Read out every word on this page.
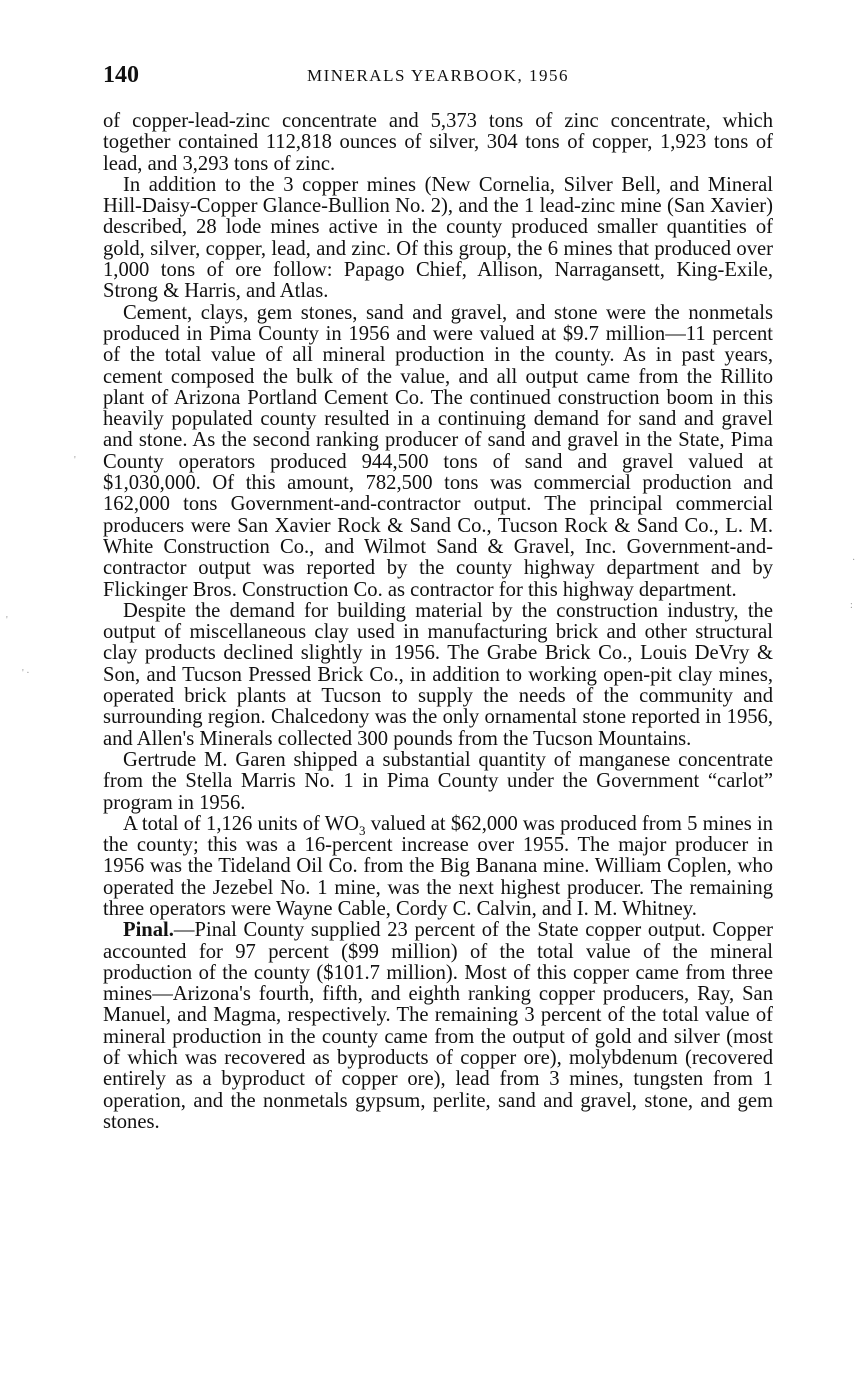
140	MINERALS YEARBOOK, 1956

of copper-lead-zinc concentrate and 5,373 tons of zinc concentrate, which together contained 112,818 ounces of silver, 304 tons of copper, 1,923 tons of lead, and 3,293 tons of zinc.

In addition to the 3 copper mines (New Cornelia, Silver Bell, and Mineral Hill-Daisy-Copper Glance-Bullion No. 2), and the 1 lead-zinc mine (San Xavier) described, 28 lode mines active in the county produced smaller quantities of gold, silver, copper, lead, and zinc. Of this group, the 6 mines that produced over 1,000 tons of ore follow: Papago Chief, Allison, Narragansett, King-Exile, Strong & Harris, and Atlas.

Cement, clays, gem stones, sand and gravel, and stone were the nonmetals produced in Pima County in 1956 and were valued at $9.7 million—11 percent of the total value of all mineral production in the county. As in past years, cement composed the bulk of the value, and all output came from the Rillito plant of Arizona Portland Cement Co. The continued construction boom in this heavily populated county resulted in a continuing demand for sand and gravel and stone. As the second ranking producer of sand and gravel in the State, Pima County operators produced 944,500 tons of sand and gravel valued at $1,030,000. Of this amount, 782,500 tons was commercial production and 162,000 tons Government-and-contractor output. The principal commercial producers were San Xavier Rock & Sand Co., Tucson Rock & Sand Co., L. M. White Construction Co., and Wilmot Sand & Gravel, Inc. Government-and-contractor output was reported by the county highway department and by Flickinger Bros. Construction Co. as contractor for this highway department.

Despite the demand for building material by the construction industry, the output of miscellaneous clay used in manufacturing brick and other structural clay products declined slightly in 1956. The Grabe Brick Co., Louis DeVry & Son, and Tucson Pressed Brick Co., in addition to working open-pit clay mines, operated brick plants at Tucson to supply the needs of the community and surrounding region. Chalcedony was the only ornamental stone reported in 1956, and Allen's Minerals collected 300 pounds from the Tucson Mountains.

Gertrude M. Garen shipped a substantial quantity of manganese concentrate from the Stella Marris No. 1 in Pima County under the Government “carlot” program in 1956.

A total of 1,126 units of $WO_3$ valued at $62,000 was produced from 5 mines in the county; this was a 16-percent increase over 1955. The major producer in 1956 was the Tideland Oil Co. from the Big Banana mine. William Coplen, who operated the Jezebel No. 1 mine, was the next highest producer. The remaining three operators were Wayne Cable, Cordy C. Calvin, and I. M. Whitney.

Pinal.—Pinal County supplied 23 percent of the State copper output. Copper accounted for 97 percent ($99 million) of the total value of the mineral production of the county ($101.7 million). Most of this copper came from three mines—Arizona's fourth, fifth, and eighth ranking copper producers, Ray, San Manuel, and Magma, respectively. The remaining 3 percent of the total value of mineral production in the county came from the output of gold and silver (most of which was recovered as byproducts of copper ore), molybdenum (recovered entirely as a byproduct of copper ore), lead from 3 mines, tungsten from 1 operation, and the nonmetals gypsum, perlite, sand and gravel, stone, and gem stones.

'
'
' ·
·
:
